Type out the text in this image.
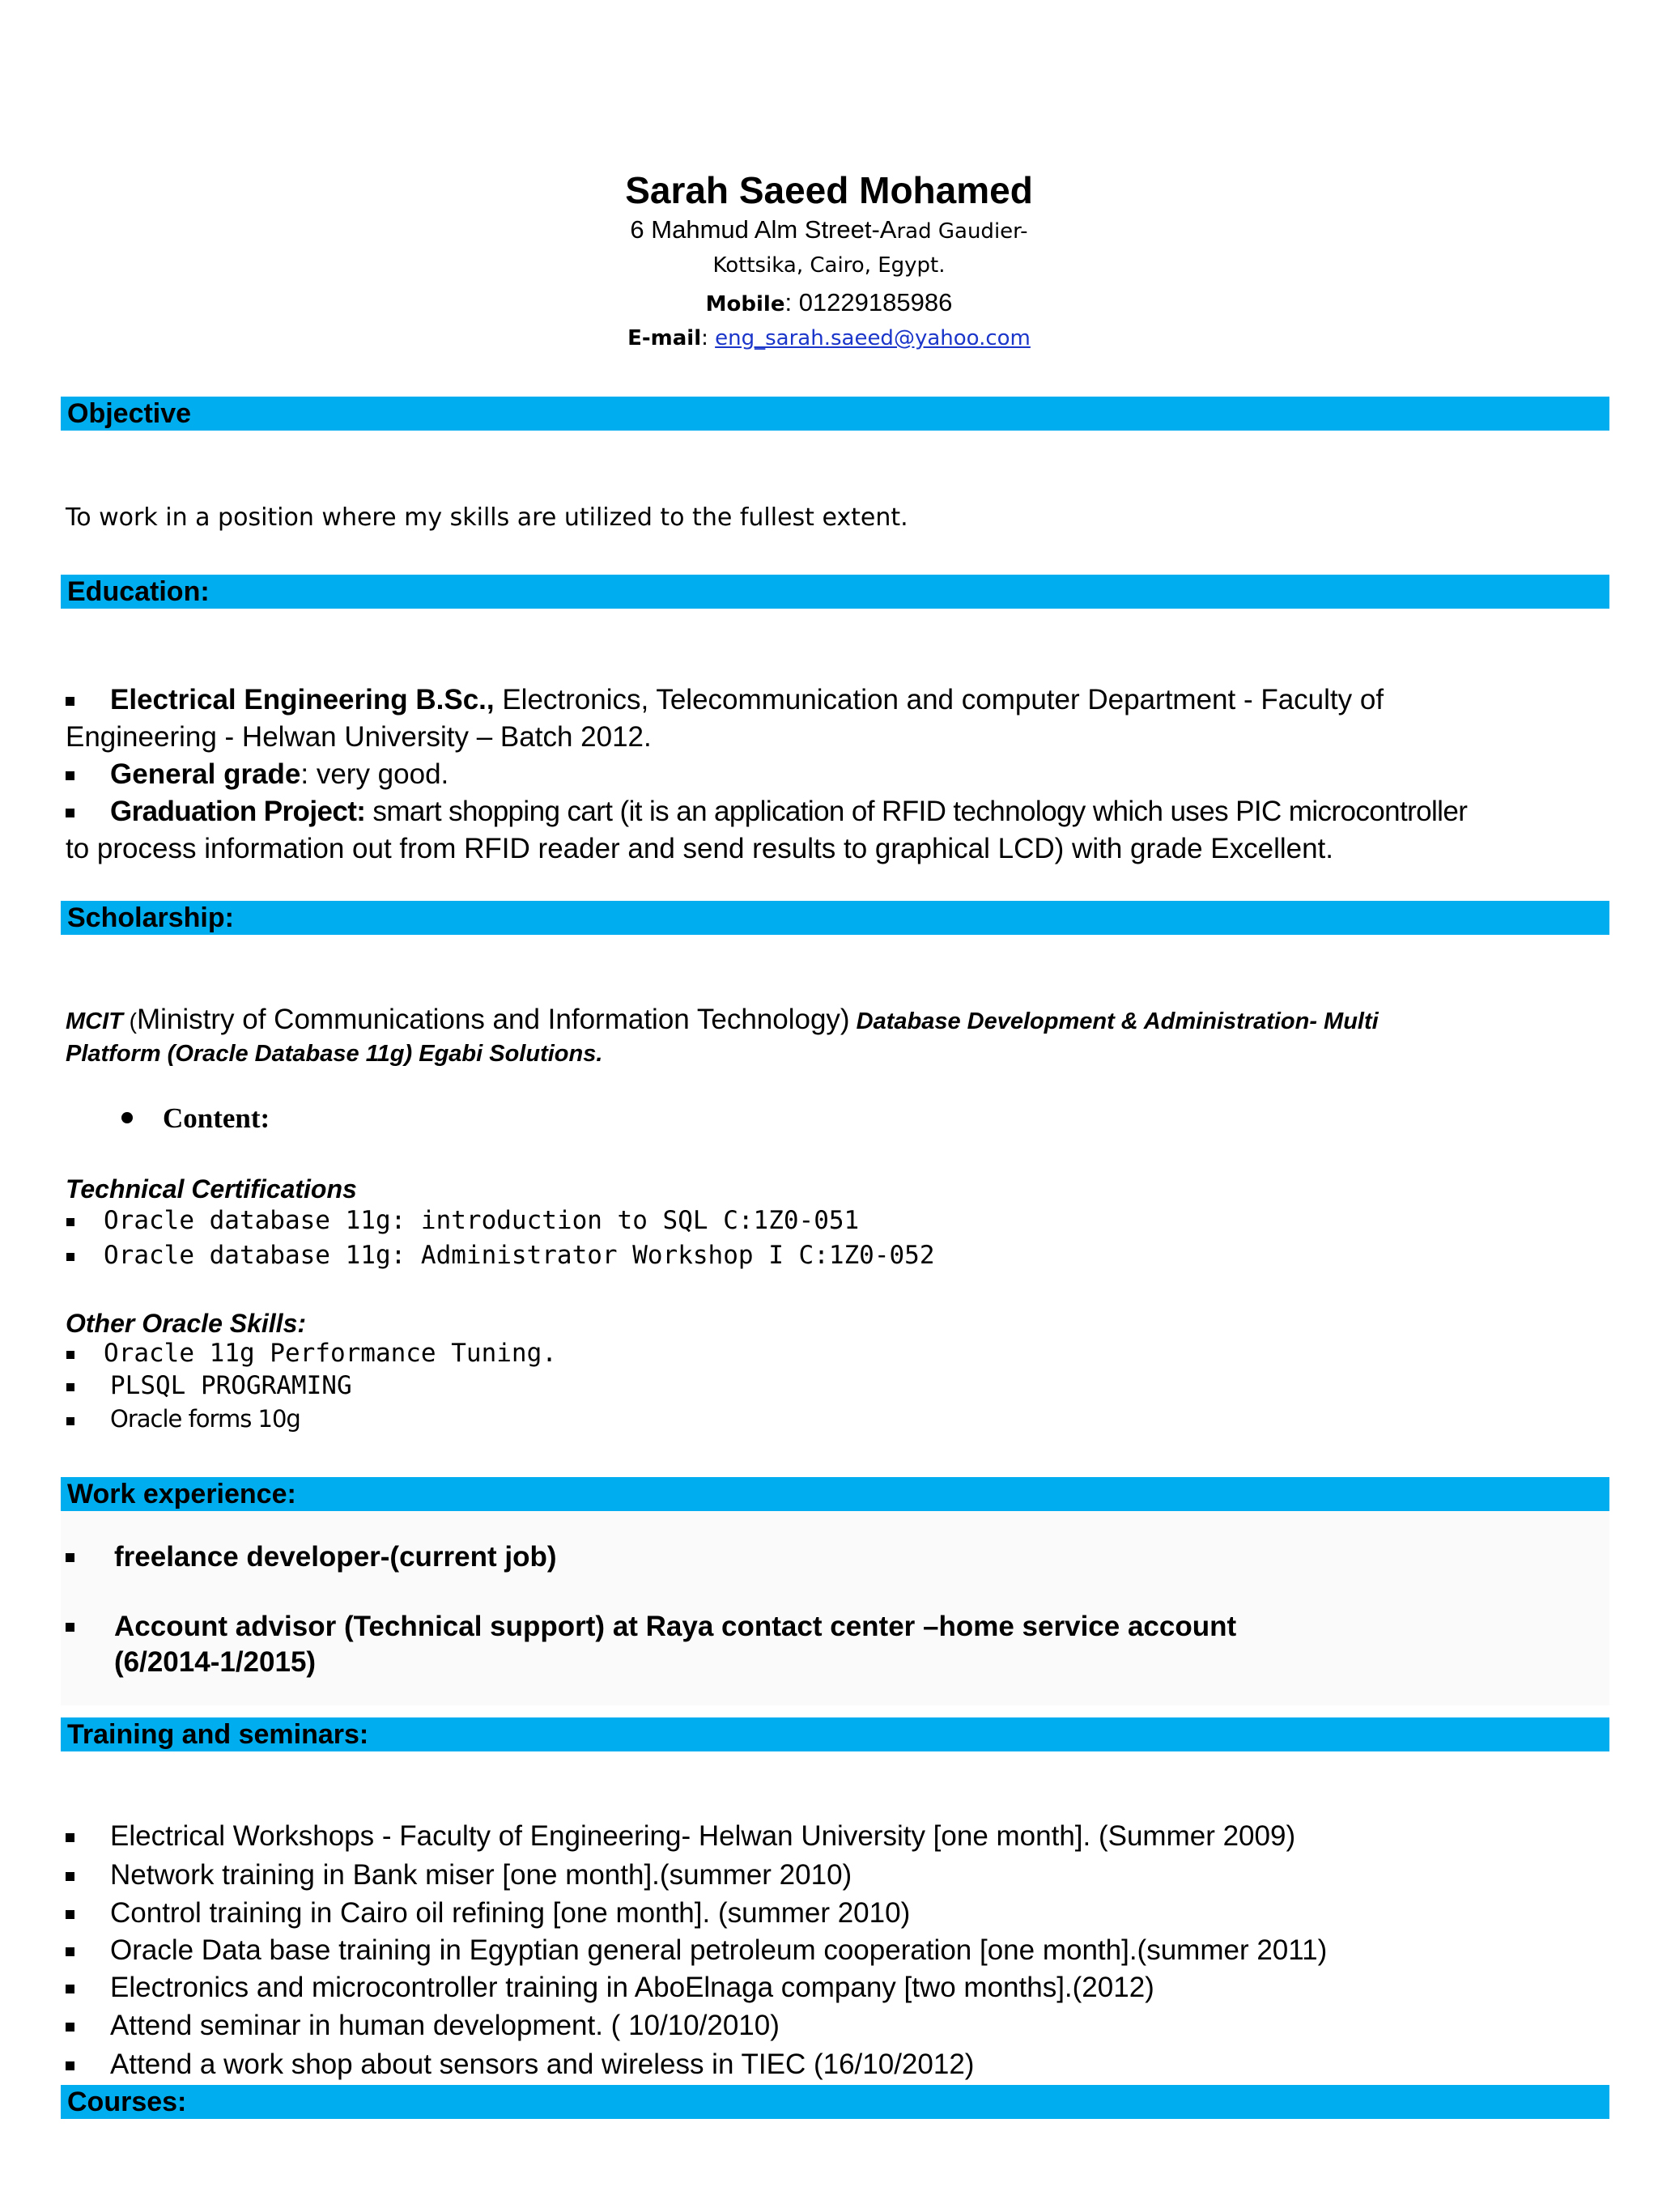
Sarah Saeed Mohamed
6 Mahmud Alm Street-Arad Gaudier-
Kottsika, Cairo, Egypt.
Mobile: 01229185986
E-mail: eng_sarah.saeed@yahoo.com
Objective
To work in a position where my skills are utilized to the fullest extent.
Education:
Electrical Engineering B.Sc., Electronics, Telecommunication and computer Department - Faculty of
Engineering - Helwan University – Batch 2012.
General grade: very good.
Graduation Project: smart shopping cart (it is an application of RFID technology which uses PIC microcontroller
to process information out from RFID reader and send results to graphical LCD) with grade Excellent.
Scholarship:
MCIT (Ministry of Communications and Information Technology) Database Development & Administration- Multi
Platform (Oracle Database 11g) Egabi Solutions.
Content:
Technical Certifications
Oracle database 11g: introduction to SQL C:1Z0-051
Oracle database 11g: Administrator Workshop I C:1Z0-052
Other Oracle Skills:
Oracle 11g Performance Tuning.
PLSQL PROGRAMING
Oracle forms 10g
Work experience:
freelance developer-(current job)
Account advisor (Technical support) at Raya contact center –home service account
(6/2014-1/2015)
Training and seminars:
Electrical Workshops - Faculty of Engineering- Helwan University [one month]. (Summer 2009)
Network training in Bank miser [one month].(summer 2010)
Control training in Cairo oil refining [one month]. (summer 2010)
Oracle Data base training in Egyptian general petroleum cooperation [one month].(summer 2011)
Electronics and microcontroller training in AboElnaga company [two months].(2012)
Attend seminar in human development. ( 10/10/2010)
Attend a work shop about sensors and wireless in TIEC (16/10/2012)
Courses:
